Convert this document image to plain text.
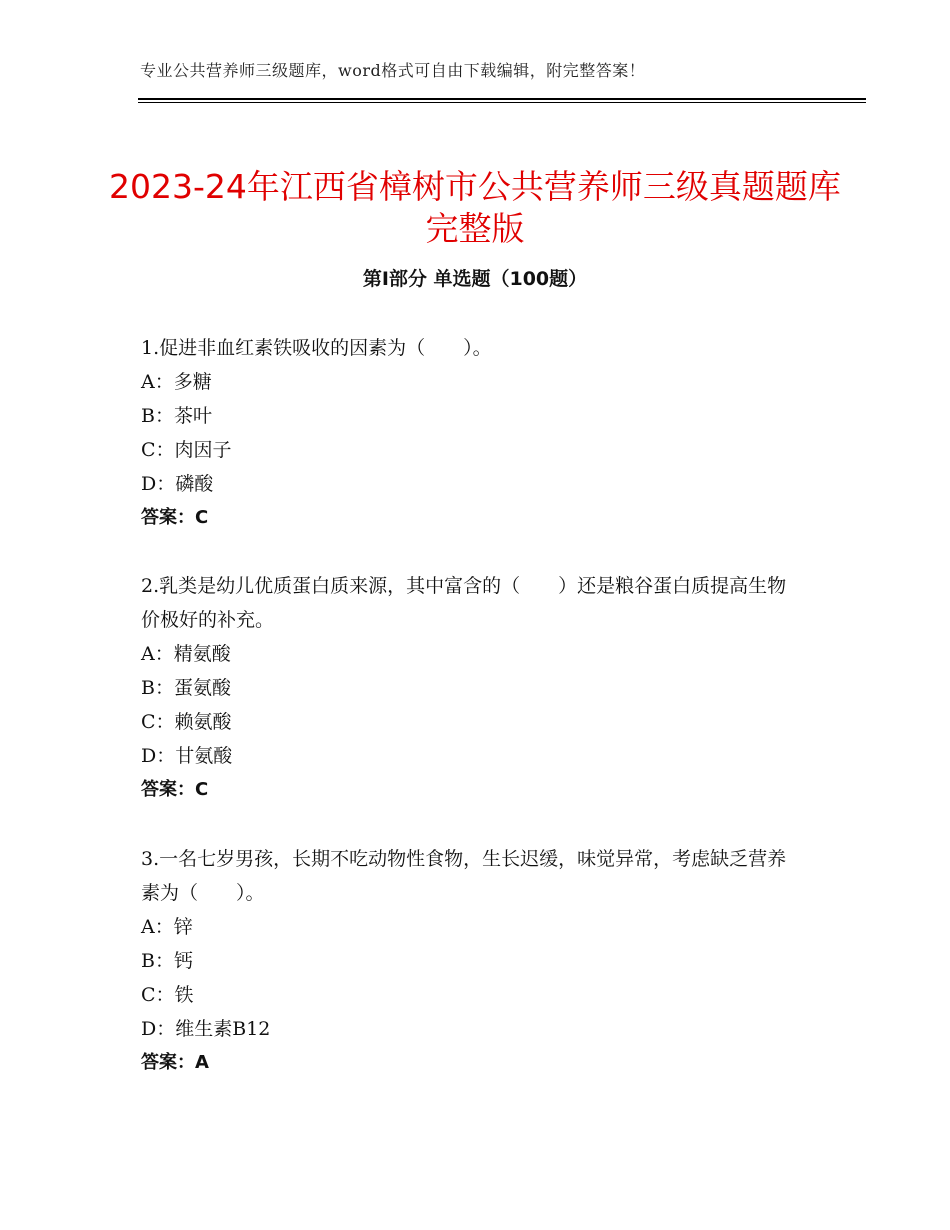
专业公共营养师三级题库，word格式可自由下载编辑，附完整答案！
2023-24年江西省樟树市公共营养师三级真题题库完整版
第Ⅰ部分 单选题（100题）

1.促进非血红素铁吸收的因素为（　　）。

A：多糖

B：茶叶

C：肉因子

D：磷酸

答案：C

2.乳类是幼儿优质蛋白质来源，其中富含的（　　）还是粮谷蛋白质提高生物价极好的补充。

A：精氨酸

B：蛋氨酸

C：赖氨酸

D：甘氨酸

答案：C

3.一名七岁男孩，长期不吃动物性食物，生长迟缓，味觉异常，考虑缺乏营养素为（　　）。

A：锌

B：钙

C：铁

D：维生素B12

答案：A
